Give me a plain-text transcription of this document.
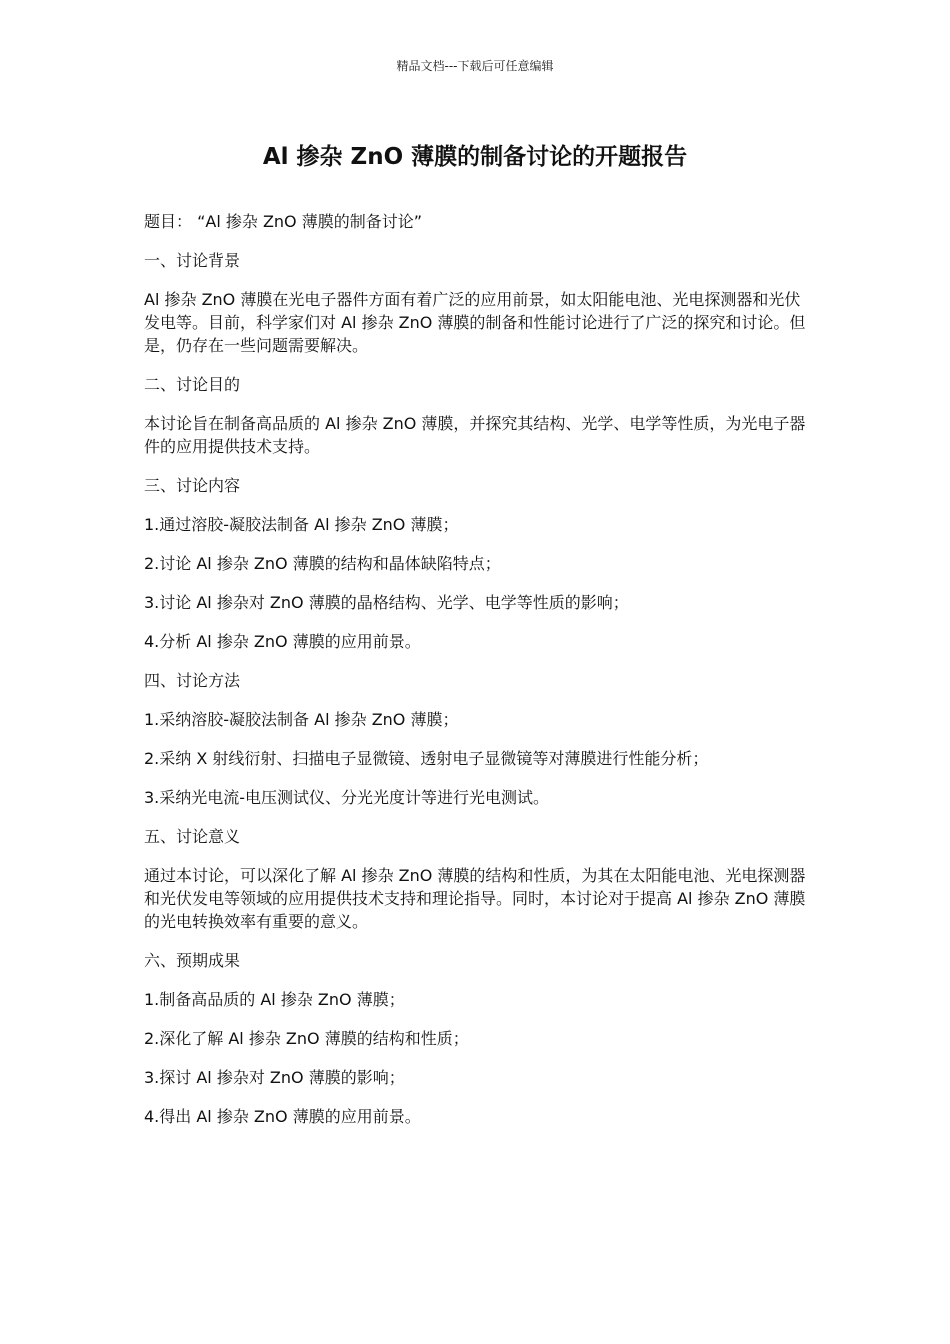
精品文档---下载后可任意编辑
Al 掺杂 ZnO 薄膜的制备讨论的开题报告

题目： “Al 掺杂 ZnO 薄膜的制备讨论”

一、讨论背景

Al 掺杂 ZnO 薄膜在光电子器件方面有着广泛的应用前景，如太阳能电池、光电探测器和光伏发电等。目前，科学家们对 Al 掺杂 ZnO 薄膜的制备和性能讨论进行了广泛的探究和讨论。但是，仍存在一些问题需要解决。

二、讨论目的

本讨论旨在制备高品质的 Al 掺杂 ZnO 薄膜，并探究其结构、光学、电学等性质，为光电子器件的应用提供技术支持。

三、讨论内容

1.通过溶胶-凝胶法制备 Al 掺杂 ZnO 薄膜；

2.讨论 Al 掺杂 ZnO 薄膜的结构和晶体缺陷特点；

3.讨论 Al 掺杂对 ZnO 薄膜的晶格结构、光学、电学等性质的影响；

4.分析 Al 掺杂 ZnO 薄膜的应用前景。

四、讨论方法

1.采纳溶胶-凝胶法制备 Al 掺杂 ZnO 薄膜；

2.采纳 X 射线衍射、扫描电子显微镜、透射电子显微镜等对薄膜进行性能分析；

3.采纳光电流-电压测试仪、分光光度计等进行光电测试。

五、讨论意义

通过本讨论，可以深化了解 Al 掺杂 ZnO 薄膜的结构和性质，为其在太阳能电池、光电探测器和光伏发电等领域的应用提供技术支持和理论指导。同时，本讨论对于提高 Al 掺杂 ZnO 薄膜的光电转换效率有重要的意义。

六、预期成果

1.制备高品质的 Al 掺杂 ZnO 薄膜；

2.深化了解 Al 掺杂 ZnO 薄膜的结构和性质；

3.探讨 Al 掺杂对 ZnO 薄膜的影响；

4.得出 Al 掺杂 ZnO 薄膜的应用前景。
